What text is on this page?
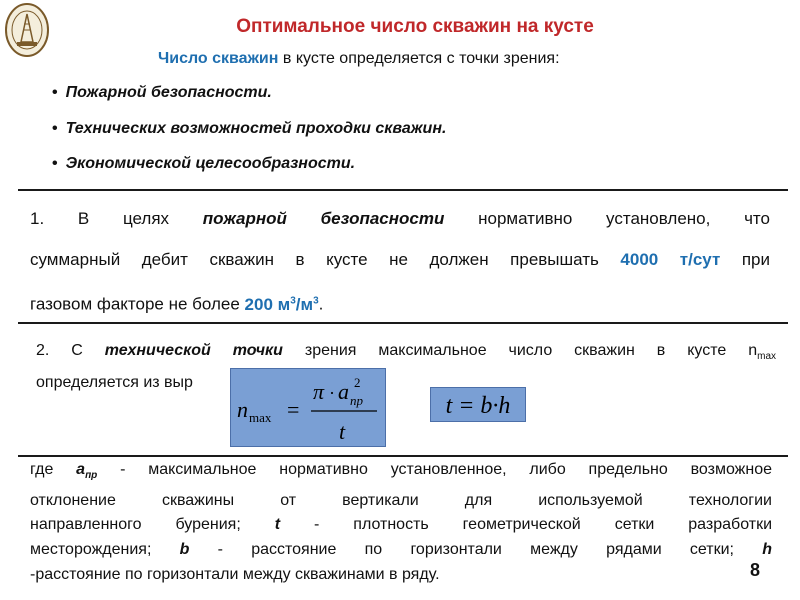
Оптимальное число скважин на кусте
Число скважин в кусте определяется с точки зрения:
• Пожарной безопасности.
• Технических возможностей проходки скважин.
• Экономической целесообразности.
1. В целях пожарной безопасности нормативно установлено, что
суммарный дебит скважин в кусте не должен превышать 4000 т/сут при
газовом факторе не более 200 $м^3/м^3$.
2. С технической точки зрения максимальное число скважин в кусте $n_{max}$
определяется из выр
n max =
π · a пр
2
t
t = b·h
где $a_{пр}$ - максимальное нормативно установленное, либо предельно возможное
отклонение скважины от вертикали для используемой технологии
направленного бурения; t - плотность геометрической сетки разработки
месторождения; b - расстояние по горизонтали между рядами сетки; h
-расстояние по горизонтали между скважинами в ряду.	8
